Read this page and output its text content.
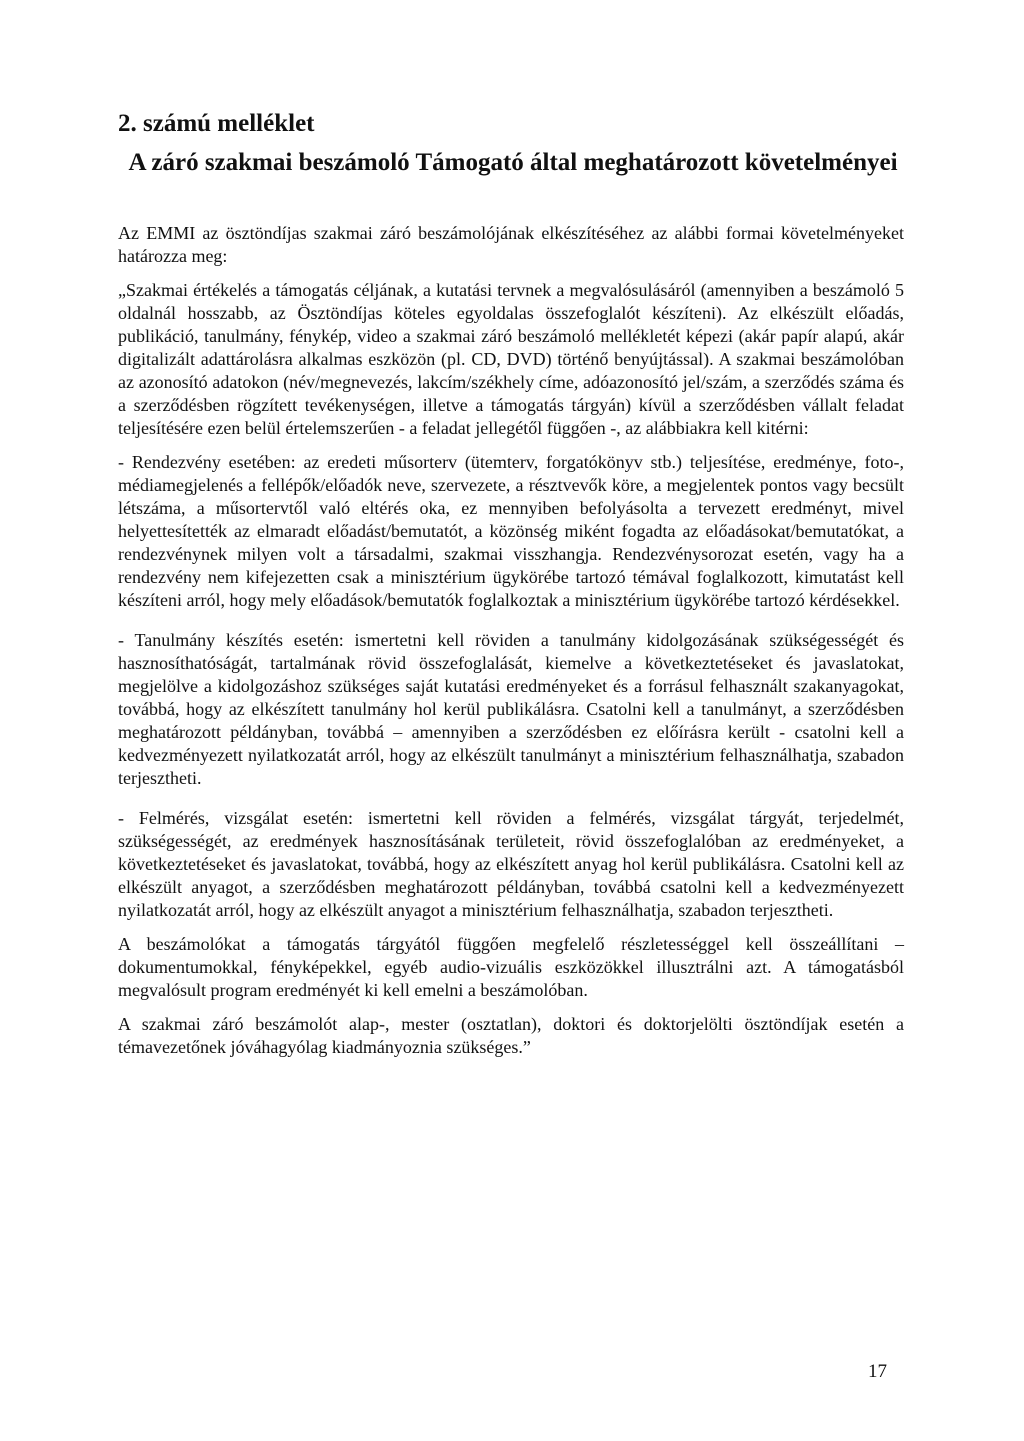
2. számú melléklet
A záró szakmai beszámoló Támogató által meghatározott követelményei

Az EMMI az ösztöndíjas szakmai záró beszámolójának elkészítéséhez az alábbi formai követelményeket határozza meg:

„Szakmai értékelés a támogatás céljának, a kutatási tervnek a megvalósulásáról (amennyiben a beszámoló 5 oldalnál hosszabb, az Ösztöndíjas köteles egyoldalas összefoglalót készíteni). Az elkészült előadás, publikáció, tanulmány, fénykép, video a szakmai záró beszámoló mellékletét képezi (akár papír alapú, akár digitalizált adattárolásra alkalmas eszközön (pl. CD, DVD) történő benyújtással). A szakmai beszámolóban az azonosító adatokon (név/megnevezés, lakcím/székhely címe, adóazonosító jel/szám, a szerződés száma és a szerződésben rögzített tevékenységen, illetve a támogatás tárgyán) kívül a szerződésben vállalt feladat teljesítésére ezen belül értelemszerűen - a feladat jellegétől függően -, az alábbiakra kell kitérni:

- Rendezvény esetében: az eredeti műsorterv (ütemterv, forgatókönyv stb.) teljesítése, eredménye, foto-, médiamegjelenés a fellépők/előadók neve, szervezete, a résztvevők köre, a megjelentek pontos vagy becsült létszáma, a műsortervtől való eltérés oka, ez mennyiben befolyásolta a tervezett eredményt, mivel helyettesítették az elmaradt előadást/bemutatót, a közönség miként fogadta az előadásokat/bemutatókat, a rendezvénynek milyen volt a társadalmi, szakmai visszhangja. Rendezvénysorozat esetén, vagy ha a rendezvény nem kifejezetten csak a minisztérium ügykörébe tartozó témával foglalkozott, kimutatást kell készíteni arról, hogy mely előadások/bemutatók foglalkoztak a minisztérium ügykörébe tartozó kérdésekkel.

- Tanulmány készítés esetén: ismertetni kell röviden a tanulmány kidolgozásának szükségességét és hasznosíthatóságát, tartalmának rövid összefoglalását, kiemelve a következtetéseket és javaslatokat, megjelölve a kidolgozáshoz szükséges saját kutatási eredményeket és a forrásul felhasznált szakanyagokat, továbbá, hogy az elkészített tanulmány hol kerül publikálásra. Csatolni kell a tanulmányt, a szerződésben meghatározott példányban, továbbá – amennyiben a szerződésben ez előírásra került - csatolni kell a kedvezményezett nyilatkozatát arról, hogy az elkészült tanulmányt a minisztérium felhasználhatja, szabadon terjesztheti.

- Felmérés, vizsgálat esetén: ismertetni kell röviden a felmérés, vizsgálat tárgyát, terjedelmét, szükségességét, az eredmények hasznosításának területeit, rövid összefoglalóban az eredményeket, a következtetéseket és javaslatokat, továbbá, hogy az elkészített anyag hol kerül publikálásra. Csatolni kell az elkészült anyagot, a szerződésben meghatározott példányban, továbbá csatolni kell a kedvezményezett nyilatkozatát arról, hogy az elkészült anyagot a minisztérium felhasználhatja, szabadon terjesztheti.

A beszámolókat a támogatás tárgyától függően megfelelő részletességgel kell összeállítani – dokumentumokkal, fényképekkel, egyéb audio-vizuális eszközökkel illusztrálni azt. A támogatásból megvalósult program eredményét ki kell emelni a beszámolóban.

A szakmai záró beszámolót alap-, mester (osztatlan), doktori és doktorjelölti ösztöndíjak esetén a témavezetőnek jóváhagyólag kiadmányoznia szükséges.”

17
